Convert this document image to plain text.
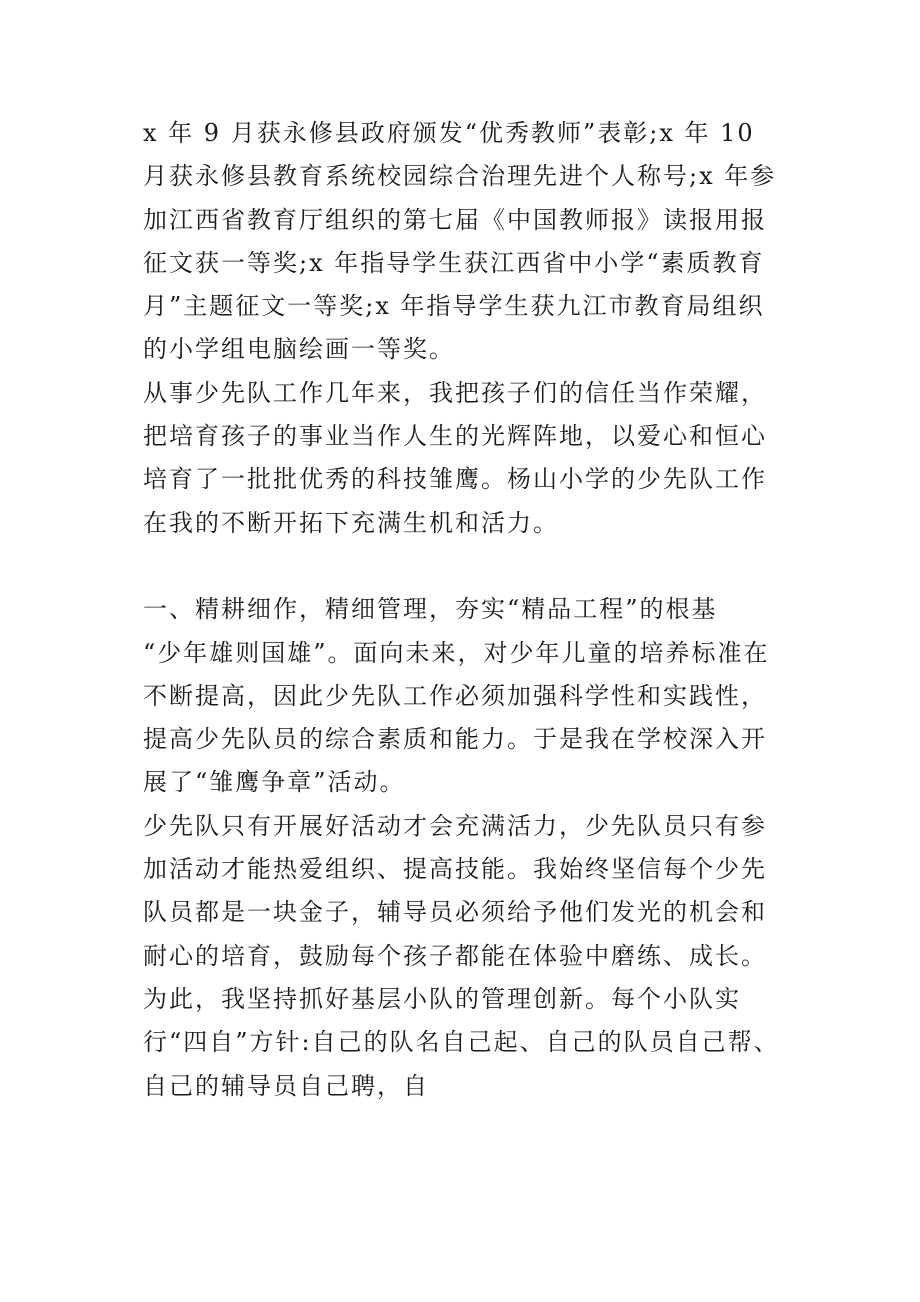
x 年 9 月获永修县政府颁发“优秀教师”表彰;x 年 10 月获永修县教育系统校园综合治理先进个人称号;x 年参加江西省教育厅组织的第七届《中国教师报》读报用报征文获一等奖;x 年指导学生获江西省中小学“素质教育月”主题征文一等奖;x 年指导学生获九江市教育局组织的小学组电脑绘画一等奖。

从事少先队工作几年来，我把孩子们的信任当作荣耀，把培育孩子的事业当作人生的光辉阵地，以爱心和恒心培育了一批批优秀的科技雏鹰。杨山小学的少先队工作在我的不断开拓下充满生机和活力。

一、精耕细作，精细管理，夯实“精品工程”的根基

“少年雄则国雄”。面向未来，对少年儿童的培养标准在不断提高，因此少先队工作必须加强科学性和实践性，提高少先队员的综合素质和能力。于是我在学校深入开展了“雏鹰争章”活动。

少先队只有开展好活动才会充满活力，少先队员只有参加活动才能热爱组织、提高技能。我始终坚信每个少先队员都是一块金子，辅导员必须给予他们发光的机会和耐心的培育，鼓励每个孩子都能在体验中磨练、成长。为此，我坚持抓好基层小队的管理创新。每个小队实行“四自”方针:自己的队名自己起、自己的队员自己帮、自己的辅导员自己聘，自
